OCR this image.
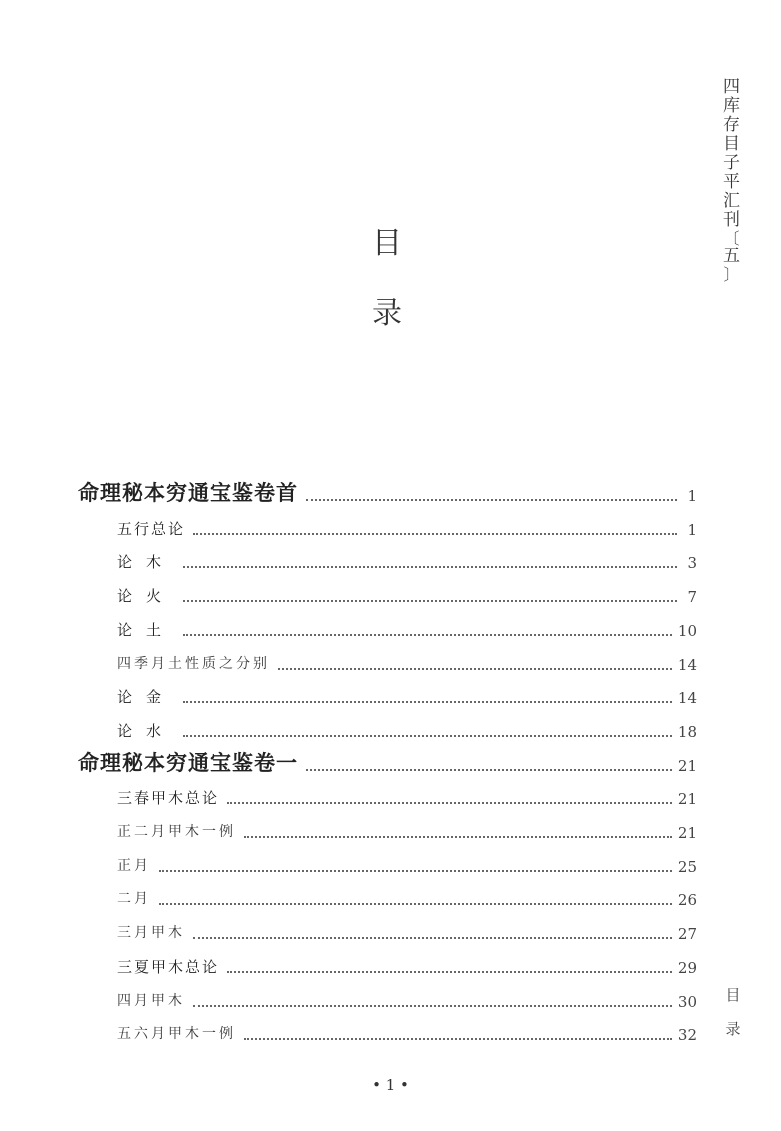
四
库
存
目
子
平
汇
刊
〔
五
〕
目
录
命理秘本穷通宝鉴卷首	1
五行总论	1
论木	3
论火	7
论土	10
四季月土性质之分别	14
论金	14
论水	18
命理秘本穷通宝鉴卷一	21
三春甲木总论	21
正二月甲木一例	21
正月	25
二月	26
三月甲木	27
三夏甲木总论	29
四月甲木	30
五六月甲木一例	32
目
录
• 1 •
